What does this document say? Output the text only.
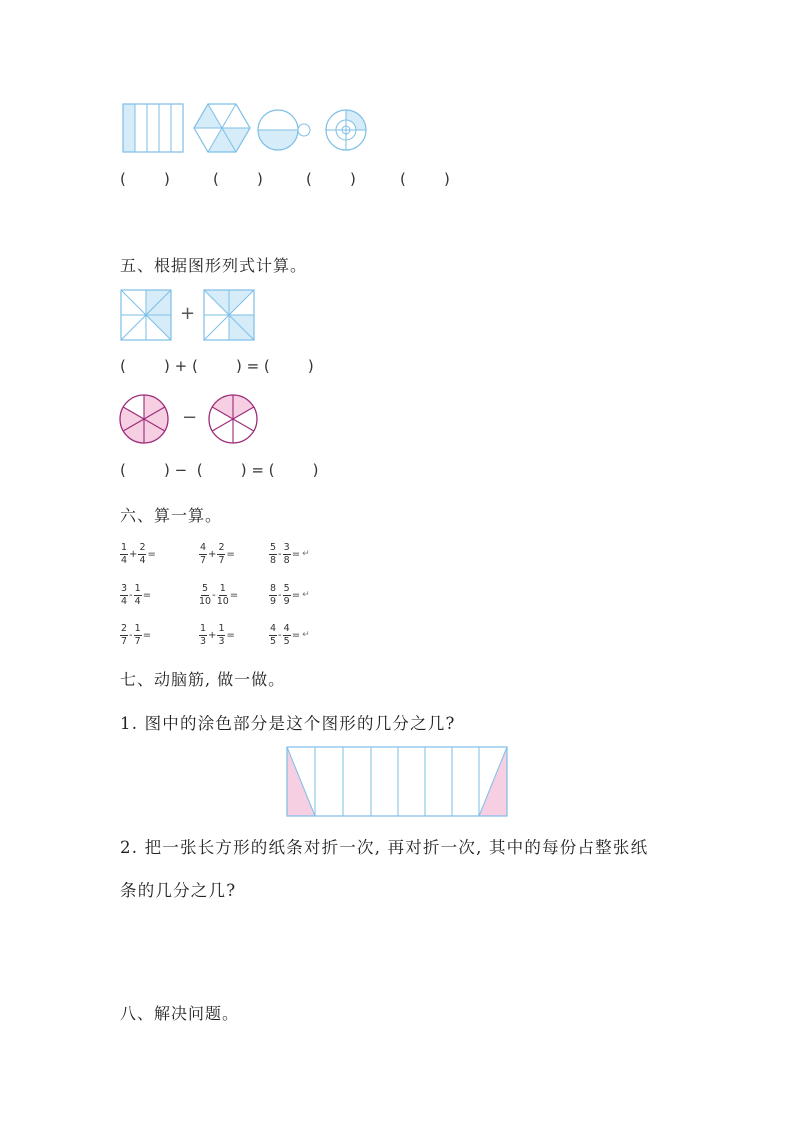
(        )	(        )	(        )	(        )
五、根据图形列式计算。
+
(        ) + (        ) = (        )
−
(        ) −  (        ) = (        )
六、算一算。
$\frac{1}{4} + \frac{2}{4}$ =	$\frac{4}{7} + \frac{2}{7}$ =	$\frac{5}{8} - \frac{3}{8}$ = ↵
$\frac{3}{4} - \frac{1}{4}$ =	$\frac{5}{10} - \frac{1}{10}$ =	$\frac{8}{9} - \frac{5}{9}$ = ↵
$\frac{2}{7} - \frac{1}{7}$ =	$\frac{1}{3} + \frac{1}{3}$ =	$\frac{4}{5} - \frac{4}{5}$ = ↵
七、动脑筋, 做一做。
1. 图中的涂色部分是这个图形的几分之几?
2. 把一张长方形的纸条对折一次, 再对折一次, 其中的每份占整张纸
条的几分之几?
八、解决问题。
